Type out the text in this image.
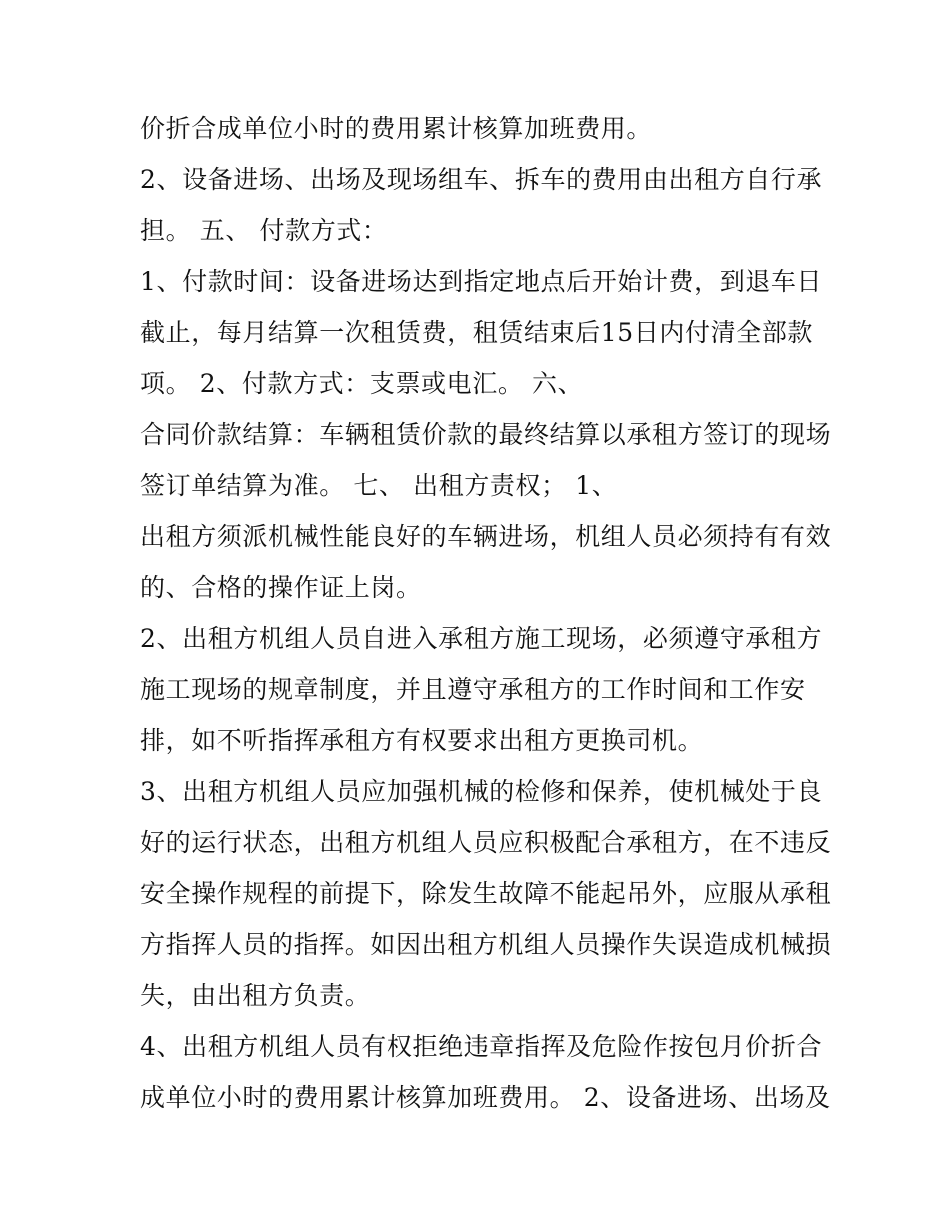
价折合成单位小时的费用累计核算加班费用。
2、设备进场、出场及现场组车、拆车的费用由出租方自行承
担。 五、 付款方式：
1、付款时间：设备进场达到指定地点后开始计费，到退车日
截止，每月结算一次租赁费，租赁结束后15日内付清全部款
项。 2、付款方式：支票或电汇。 六、
合同价款结算：车辆租赁价款的最终结算以承租方签订的现场
签订单结算为准。 七、 出租方责权； 1、
出租方须派机械性能良好的车辆进场，机组人员必须持有有效
的、合格的操作证上岗。
2、出租方机组人员自进入承租方施工现场，必须遵守承租方
施工现场的规章制度，并且遵守承租方的工作时间和工作安
排，如不听指挥承租方有权要求出租方更换司机。
3、出租方机组人员应加强机械的检修和保养，使机械处于良
好的运行状态，出租方机组人员应积极配合承租方，在不违反
安全操作规程的前提下，除发生故障不能起吊外，应服从承租
方指挥人员的指挥。如因出租方机组人员操作失误造成机械损
失，由出租方负责。
4、出租方机组人员有权拒绝违章指挥及危险作按包月价折合
成单位小时的费用累计核算加班费用。 2、设备进场、出场及
